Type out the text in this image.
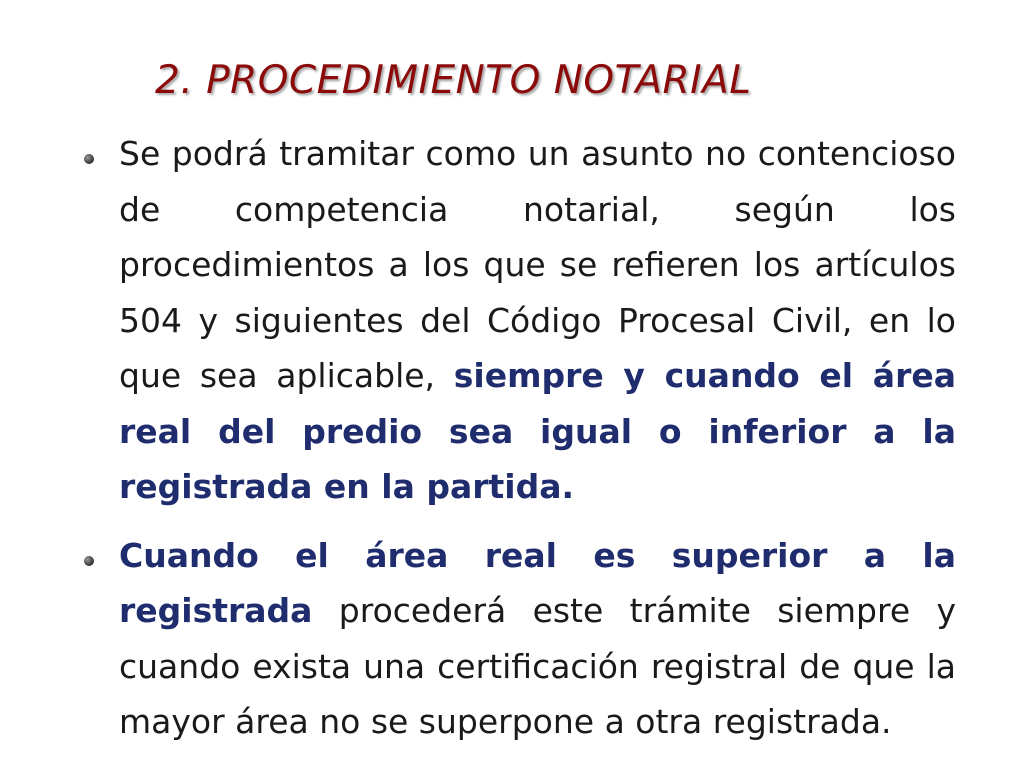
2. PROCEDIMIENTO NOTARIAL
Se podrá tramitar como un asunto no contencioso de competencia notarial, según los procedimientos a los que se refieren los artículos 504 y siguientes del Código Procesal Civil, en lo que sea aplicable, siempre y cuando el área real del predio sea igual o inferior a la registrada en la partida.
Cuando el área real es superior a la registrada procederá este trámite siempre y cuando exista una certificación registral de que la mayor área no se superpone a otra registrada.
